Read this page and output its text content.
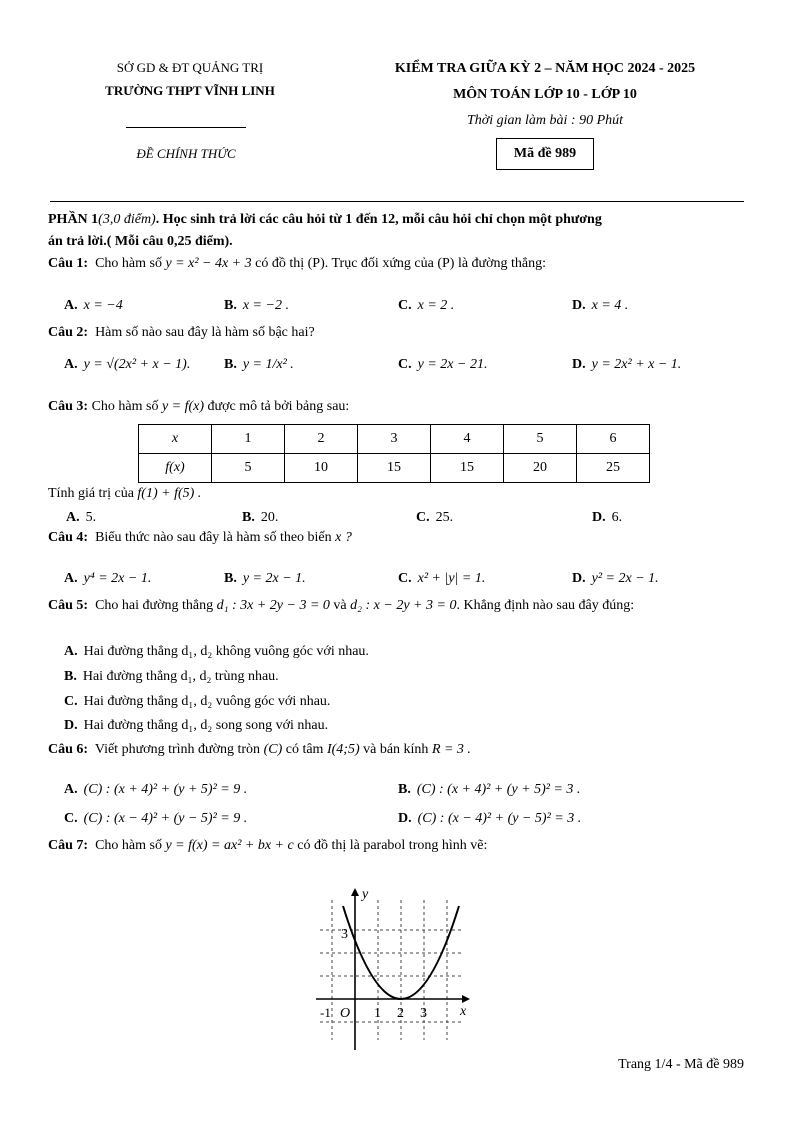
SỞ GD & ĐT QUẢNG TRỊ
TRƯỜNG THPT VĨNH LINH
ĐỀ CHÍNH THỨC
KIỂM TRA GIỮA KỲ 2 – NĂM HỌC 2024 - 2025
MÔN TOÁN LỚP 10 - LỚP 10
Thời gian làm bài : 90 Phút
Mã đề 989
PHẦN 1(3,0 điểm). Học sinh trả lời các câu hỏi từ 1 đến 12, mỗi câu hỏi chỉ chọn một phương
án trả lời.( Mỗi câu 0,25 điểm).
Câu 1: Cho hàm số y = x² − 4x + 3 có đồ thị (P). Trục đối xứng của (P) là đường thẳng:
A. x = −4	B. x = −2 .	C. x = 2 .	D. x = 4 .
Câu 2: Hàm số nào sau đây là hàm số bậc hai?
A. y = √(2x² + x − 1). B. y = 1/x² .	C. y = 2x − 21.	D. y = 2x² + x − 1.
Câu 3: Cho hàm số y = f(x) được mô tả bởi bảng sau:
x	1	2	3	4	5	6
f(x)	5	10	15	15	20	25
Tính giá trị của f(1) + f(5) .
A. 5.	B. 20.	C. 25.	D. 6.
Câu 4: Biểu thức nào sau đây là hàm số theo biến x ?
A. y⁴ = 2x − 1.	B. y = 2x − 1.	C. x² + |y| = 1.	D. y² = 2x − 1.
Câu 5: Cho hai đường thẳng d₁ : 3x + 2y − 3 = 0 và d₂ : x − 2y + 3 = 0. Khẳng định nào sau đây đúng:
A. Hai đường thẳng d₁, d₂ không vuông góc với nhau.
B. Hai đường thẳng d₁, d₂ trùng nhau.
C. Hai đường thẳng d₁, d₂ vuông góc với nhau.
D. Hai đường thẳng d₁, d₂ song song với nhau.
Câu 6: Viết phương trình đường tròn (C) có tâm I(4;5) và bán kính R = 3 .
A. (C) : (x + 4)² + (y + 5)² = 9 .	B. (C) : (x + 4)² + (y + 5)² = 3 .
C. (C) : (x − 4)² + (y − 5)² = 9 .	D. (C) : (x − 4)² + (y − 5)² = 3 .
Câu 7: Cho hàm số y = f(x) = ax² + bx + c có đồ thị là parabol trong hình vẽ:
y
x
O
3
-1	1 2 3
Trang 1/4 - Mã đề 989
